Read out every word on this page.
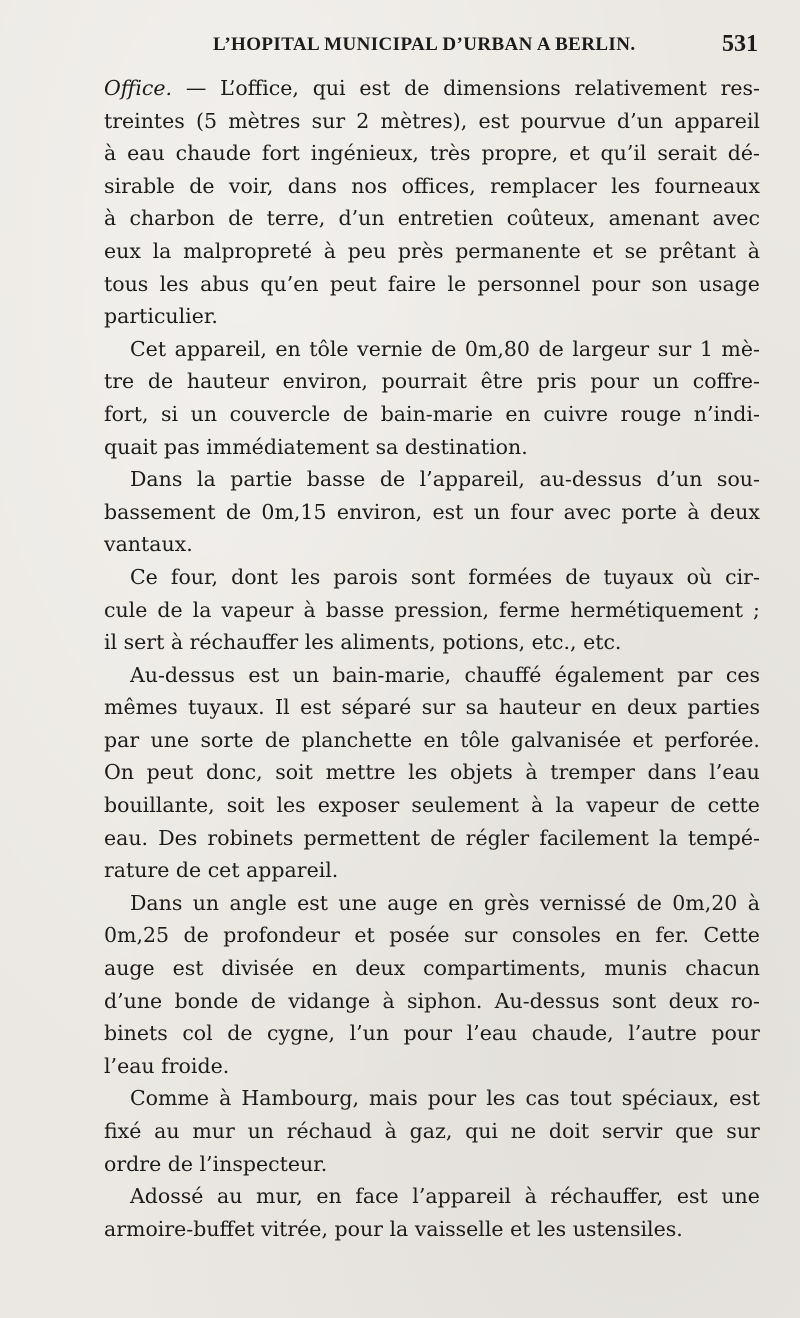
L’HOPITAL MUNICIPAL D’URBAN A BERLIN.	531
Office. — L’office, qui est de dimensions relativement res-
treintes (5 mètres sur 2 mètres), est pourvue d’un appareil
à eau chaude fort ingénieux, très propre, et qu’il serait dé-
sirable de voir, dans nos offices, remplacer les fourneaux
à charbon de terre, d’un entretien coûteux, amenant avec
eux la malpropreté à peu près permanente et se prêtant à
tous les abus qu’en peut faire le personnel pour son usage
particulier.
Cet appareil, en tôle vernie de 0m,80 de largeur sur 1 mè-
tre de hauteur environ, pourrait être pris pour un coffre-
fort, si un couvercle de bain-marie en cuivre rouge n’indi-
quait pas immédiatement sa destination.
Dans la partie basse de l’appareil, au-dessus d’un sou-
bassement de 0m,15 environ, est un four avec porte à deux
vantaux.
Ce four, dont les parois sont formées de tuyaux où cir-
cule de la vapeur à basse pression, ferme hermétiquement ;
il sert à réchauffer les aliments, potions, etc., etc.
Au-dessus est un bain-marie, chauffé également par ces
mêmes tuyaux. Il est séparé sur sa hauteur en deux parties
par une sorte de planchette en tôle galvanisée et perforée.
On peut donc, soit mettre les objets à tremper dans l’eau
bouillante, soit les exposer seulement à la vapeur de cette
eau. Des robinets permettent de régler facilement la tempé-
rature de cet appareil.
Dans un angle est une auge en grès vernissé de 0m,20 à
0m,25 de profondeur et posée sur consoles en fer. Cette
auge est divisée en deux compartiments, munis chacun
d’une bonde de vidange à siphon. Au-dessus sont deux ro-
binets col de cygne, l’un pour l’eau chaude, l’autre pour
l’eau froide.
Comme à Hambourg, mais pour les cas tout spéciaux, est
fixé au mur un réchaud à gaz, qui ne doit servir que sur
ordre de l’inspecteur.
Adossé au mur, en face l’appareil à réchauffer, est une
armoire-buffet vitrée, pour la vaisselle et les ustensiles.
